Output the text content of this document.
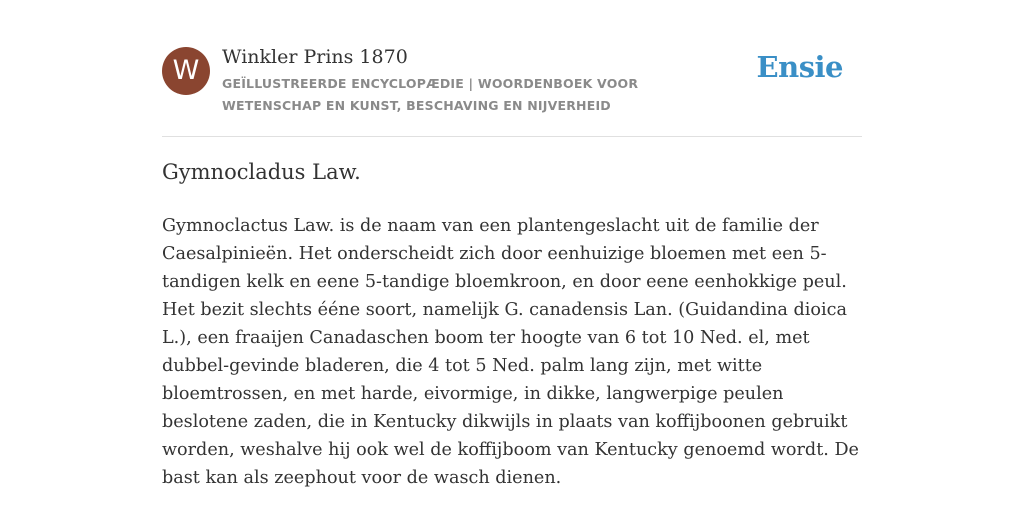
W	Winkler Prins 1870
GEÏLLUSTREERDE ENCYCLOPÆDIE | WOORDENBOEK VOOR WETENSCHAP EN KUNST, BESCHAVING EN NIJVERHEID
Ensie
Gymnocladus Law.

Gymnoclactus Law. is de naam van een plantengeslacht uit de familie der Caesalpinieën. Het onderscheidt zich door eenhuizige bloemen met een 5-tandigen kelk en eene 5-tandige bloemkroon, en door eene eenhokkige peul. Het bezit slechts ééne soort, namelijk G. canadensis Lan. (Guidandina dioica L.), een fraaijen Canadaschen boom ter hoogte van 6 tot 10 Ned. el, met dubbel-gevinde bladeren, die 4 tot 5 Ned. palm lang zijn, met witte bloemtrossen, en met harde, eivormige, in dikke, langwerpige peulen beslotene zaden, die in Kentucky dikwijls in plaats van koffijboonen gebruikt worden, weshalve hij ook wel de koffijboom van Kentucky genoemd wordt. De bast kan als zeephout voor de wasch dienen.
